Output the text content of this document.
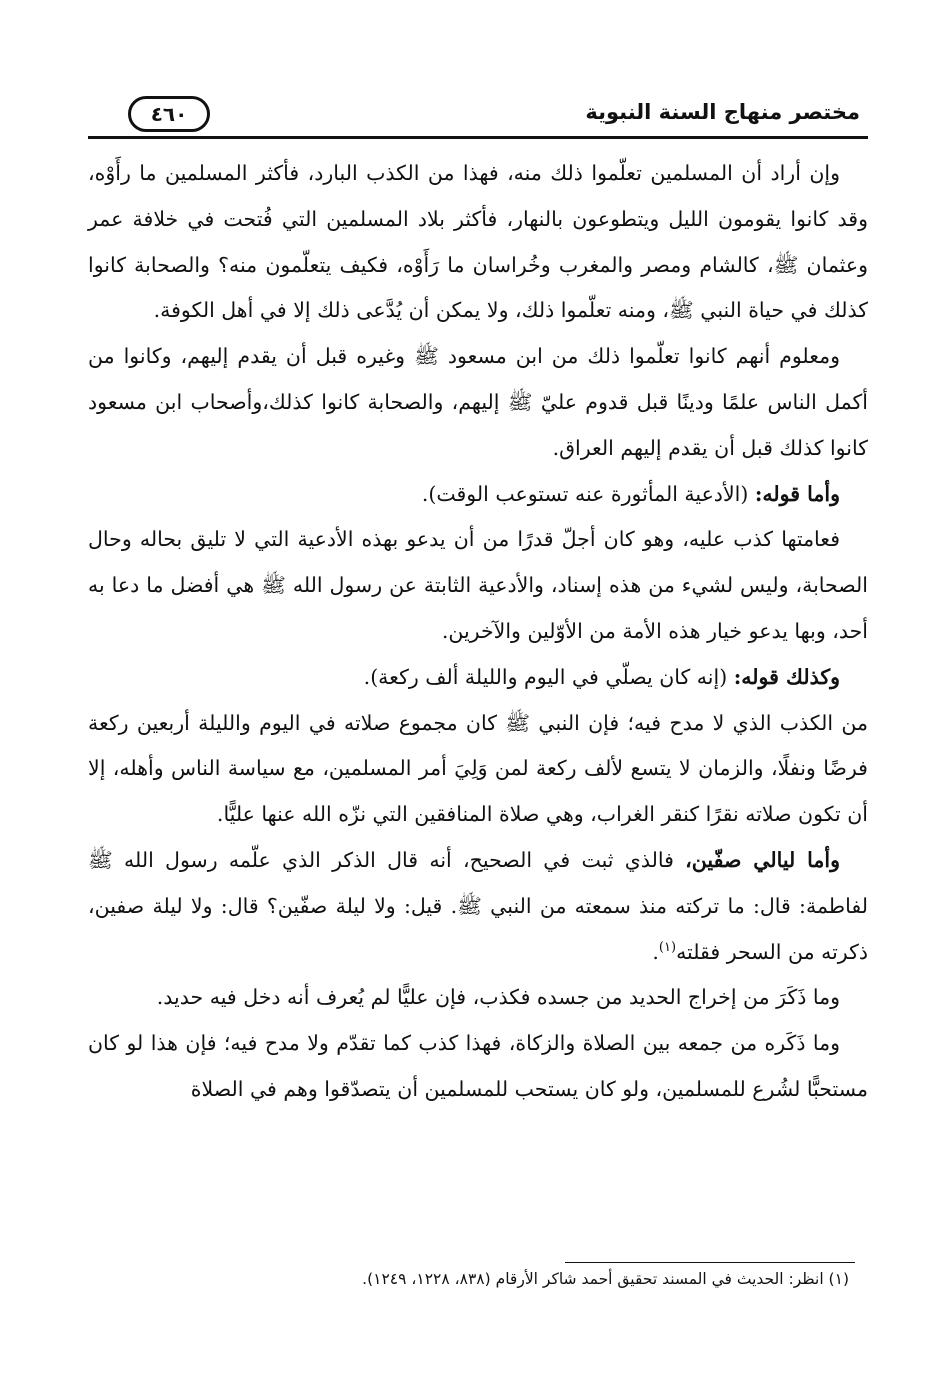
مختصر منهاج السنة النبوية
٤٦٠

وإن أراد أن المسلمين تعلّموا ذلك منه، فهذا من الكذب البارد، فأكثر المسلمين ما رأَوْه، وقد كانوا يقومون الليل ويتطوعون بالنهار، فأكثر بلاد المسلمين التي فُتحت في خلافة عمر وعثمان ﷺ، كالشام ومصر والمغرب وخُراسان ما رَأَوْه، فكيف يتعلّمون منه؟ والصحابة كانوا كذلك في حياة النبي ﷺ، ومنه تعلّموا ذلك، ولا يمكن أن يُدَّعى ذلك إلا في أهل الكوفة.

ومعلوم أنهم كانوا تعلّموا ذلك من ابن مسعود ﷺ وغيره قبل أن يقدم إليهم، وكانوا من أكمل الناس علمًا ودينًا قبل قدوم عليّ ﷺ إليهم، والصحابة كانوا كذلك،وأصحاب ابن مسعود كانوا كذلك قبل أن يقدم إليهم العراق.

وأما قوله: (الأدعية المأثورة عنه تستوعب الوقت).

فعامتها كذب عليه، وهو كان أجلّ قدرًا من أن يدعو بهذه الأدعية التي لا تليق بحاله وحال الصحابة، وليس لشيء من هذه إسناد، والأدعية الثابتة عن رسول الله ﷺ هي أفضل ما دعا به أحد، وبها يدعو خيار هذه الأمة من الأوّلين والآخرين.

وكذلك قوله: (إنه كان يصلّي في اليوم والليلة ألف ركعة).

من الكذب الذي لا مدح فيه؛ فإن النبي ﷺ كان مجموع صلاته في اليوم والليلة أربعين ركعة فرضًا ونفلًا، والزمان لا يتسع لألف ركعة لمن وَلِيَ أمر المسلمين، مع سياسة الناس وأهله، إلا أن تكون صلاته نقرًا كنقر الغراب، وهي صلاة المنافقين التي نزّه الله عنها عليًّا.

وأما ليالي صفّين، فالذي ثبت في الصحيح، أنه قال الذكر الذي علّمه رسول الله ﷺ لفاطمة: قال: ما تركته منذ سمعته من النبي ﷺ. قيل: ولا ليلة صفّين؟ قال: ولا ليلة صفين، ذكرته من السحر فقلته$^{(١)}$.

وما ذَكَرَ من إخراج الحديد من جسده فكذب، فإن عليًّا لم يُعرف أنه دخل فيه حديد.

وما ذَكَره من جمعه بين الصلاة والزكاة، فهذا كذب كما تقدّم ولا مدح فيه؛ فإن هذا لو كان مستحبًّا لشُرع للمسلمين، ولو كان يستحب للمسلمين أن يتصدّقوا وهم في الصلاة

(١) انظر: الحديث في المسند تحقيق أحمد شاكر الأرقام (٨٣٨، ١٢٢٨، ١٢٤٩).
